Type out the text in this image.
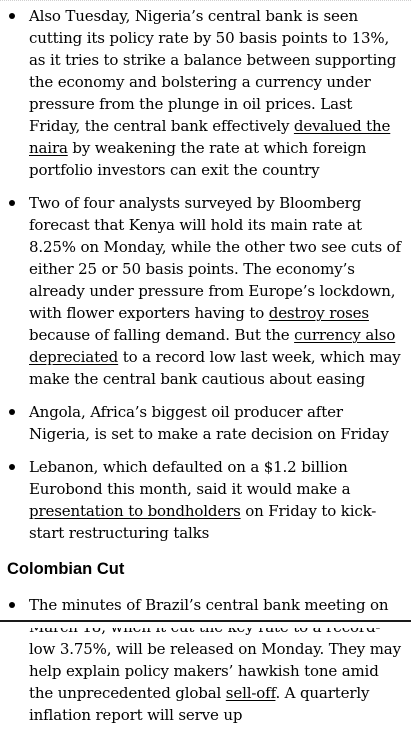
Also Tuesday, Nigeria’s central bank is seen cutting its policy rate by 50 basis points to 13%, as it tries to strike a balance between supporting the economy and bolstering a currency under pressure from the plunge in oil prices. Last Friday, the central bank effectively devalued the naira by weakening the rate at which foreign portfolio investors can exit the country
Two of four analysts surveyed by Bloomberg forecast that Kenya will hold its main rate at 8.25% on Monday, while the other two see cuts of either 25 or 50 basis points. The economy’s already under pressure from Europe’s lockdown, with flower exporters having to destroy roses because of falling demand. But the currency also depreciated to a record low last week, which may make the central bank cautious about easing
Angola, Africa’s biggest oil producer after Nigeria, is set to make a rate decision on Friday
Lebanon, which defaulted on a $1.2 billion Eurobond this month, said it would make a presentation to bondholders on Friday to kick-start restructuring talks
Colombian Cut
The minutes of Brazil’s central bank meeting on low 3.75%, will be released on Monday. They may help explain policy makers’ hawkish tone amid the unprecedented global sell-off. A quarterly inflation report will serve up
